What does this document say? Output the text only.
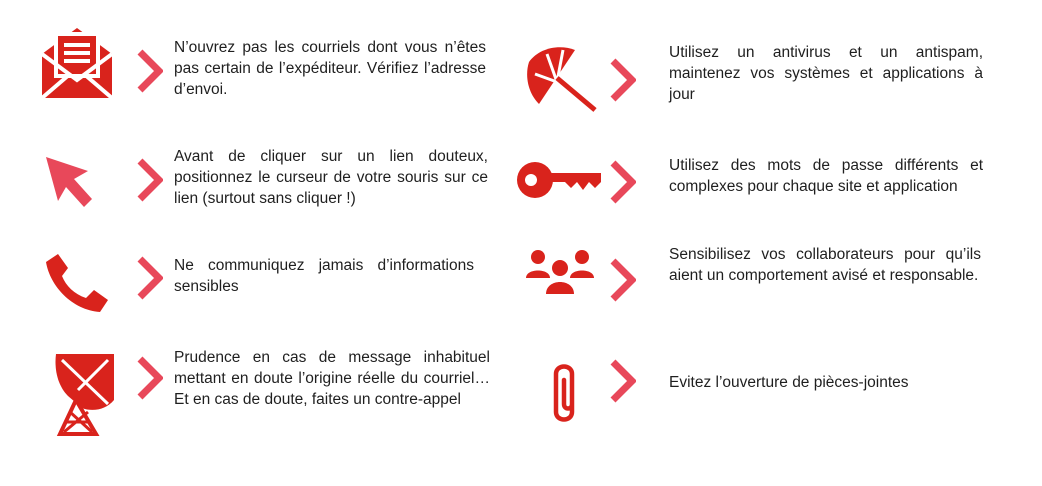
N’ouvrez pas les courriels dont vous n’êtes pas certain de l’expéditeur. Vérifiez l’adresse d’envoi.
Avant de cliquer sur un lien douteux, positionnez le curseur de votre souris sur ce lien (surtout sans cliquer !)
Ne communiquez jamais d’informations sensibles
Prudence en cas de message inhabituel mettant en doute l’origine réelle du courriel…Et en cas de doute, faites un contre-appel
Utilisez un antivirus et un antispam, maintenez vos systèmes et applications à jour
Utilisez des mots de passe différents et complexes pour chaque site et application
Sensibilisez vos collaborateurs pour qu’ils aient un comportement avisé et responsable.
Evitez l’ouverture de pièces-jointes
